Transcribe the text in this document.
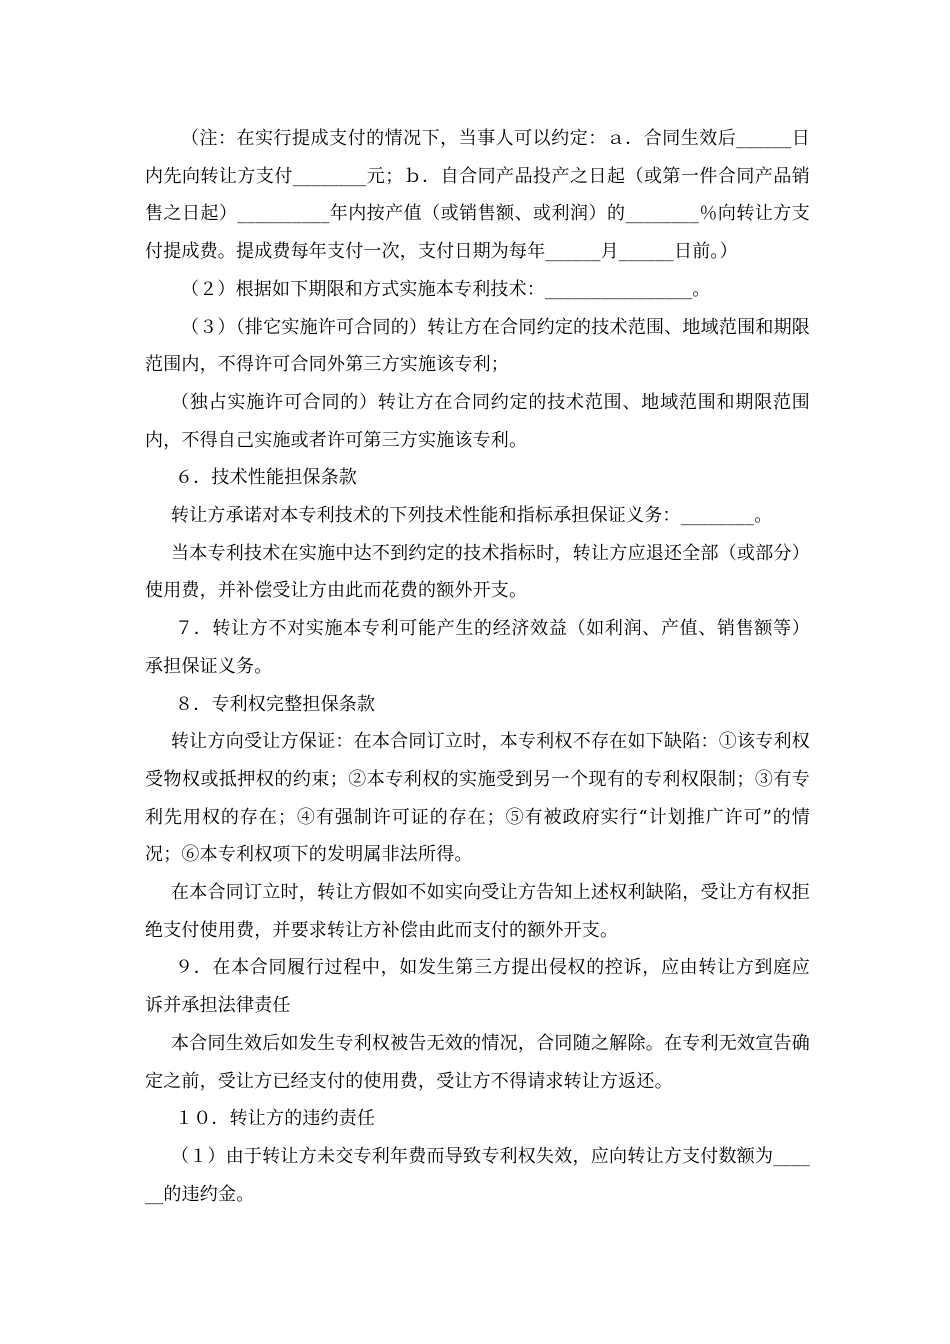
（注：在实行提成支付的情况下，当事人可以约定：ａ．合同生效后______日内先向转让方支付________元；ｂ．自合同产品投产之日起（或第一件合同产品销售之日起）__________年内按产值（或销售额、或利润）的________％向转让方支付提成费。提成费每年支付一次，支付日期为每年______月______日前。）

（２）根据如下期限和方式实施本专利技术：________________。

（３）（排它实施许可合同的）转让方在合同约定的技术范围、地域范围和期限范围内，不得许可合同外第三方实施该专利；

（独占实施许可合同的）转让方在合同约定的技术范围、地域范围和期限范围内，不得自己实施或者许可第三方实施该专利。

６．技术性能担保条款

转让方承诺对本专利技术的下列技术性能和指标承担保证义务：________。

当本专利技术在实施中达不到约定的技术指标时，转让方应退还全部（或部分）使用费，并补偿受让方由此而花费的额外开支。

７．转让方不对实施本专利可能产生的经济效益（如利润、产值、销售额等）承担保证义务。

８．专利权完整担保条款

转让方向受让方保证：在本合同订立时，本专利权不存在如下缺陷：①该专利权受物权或抵押权的约束；②本专利权的实施受到另一个现有的专利权限制；③有专利先用权的存在；④有强制许可证的存在；⑤有被政府实行“计划推广许可”的情况；⑥本专利权项下的发明属非法所得。

在本合同订立时，转让方假如不如实向受让方告知上述权利缺陷，受让方有权拒绝支付使用费，并要求转让方补偿由此而支付的额外开支。

９．在本合同履行过程中，如发生第三方提出侵权的控诉，应由转让方到庭应诉并承担法律责任

本合同生效后如发生专利权被告无效的情况，合同随之解除。在专利无效宣告确定之前，受让方已经支付的使用费，受让方不得请求转让方返还。

１０．转让方的违约责任

（１）由于转让方未交专利年费而导致专利权失效，应向转让方支付数额为______的违约金。
